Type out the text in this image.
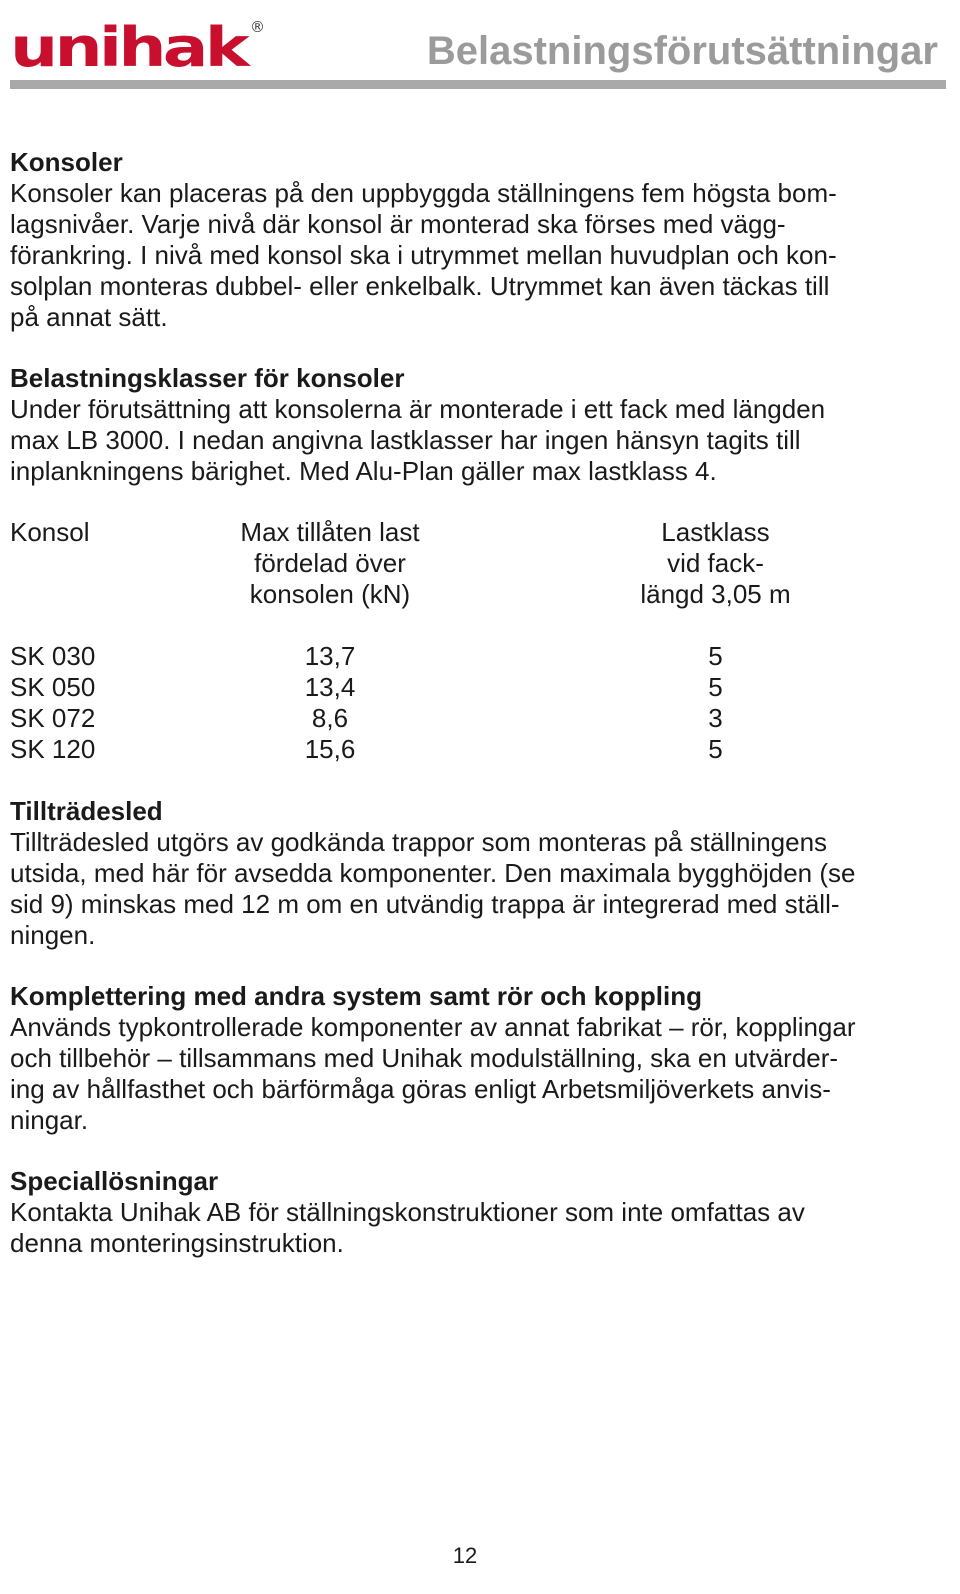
unihak
®
Belastningsförutsättningar
Konsoler

Konsoler kan placeras på den uppbyggda ställningens fem högsta bom-
lagsnivåer. Varje nivå där konsol är monterad ska förses med vägg-
förankring. I nivå med konsol ska i utrymmet mellan huvudplan och kon-
solplan monteras dubbel- eller enkelbalk. Utrymmet kan även täckas till
på annat sätt.

Belastningsklasser för konsoler

Under förutsättning att konsolerna är monterade i ett fack med längden
max LB 3000. I nedan angivna lastklasser har ingen hänsyn tagits till
inplankningens bärighet. Med Alu-Plan gäller max lastklass 4.

Konsol	Max tillåten last
fördelad över
konsolen (kN)		Lastklass
vid fack-
längd 3,05 m

SK 030	13,7		5
SK 050	13,4		5
SK 072	8,6		3
SK 120	15,6		5
Tillträdesled

Tillträdesled utgörs av godkända trappor som monteras på ställningens
utsida, med här för avsedda komponenter. Den maximala bygghöjden (se
sid 9) minskas med 12 m om en utvändig trappa är integrerad med ställ-
ningen.

Komplettering med andra system samt rör och koppling

Används typkontrollerade komponenter av annat fabrikat – rör, kopplingar
och tillbehör – tillsammans med Unihak modulställning, ska en utvärder-
ing av hållfasthet och bärförmåga göras enligt Arbetsmiljöverkets anvis-
ningar.

Speciallösningar

Kontakta Unihak AB för ställningskonstruktioner som inte omfattas av
denna monteringsinstruktion.

12
